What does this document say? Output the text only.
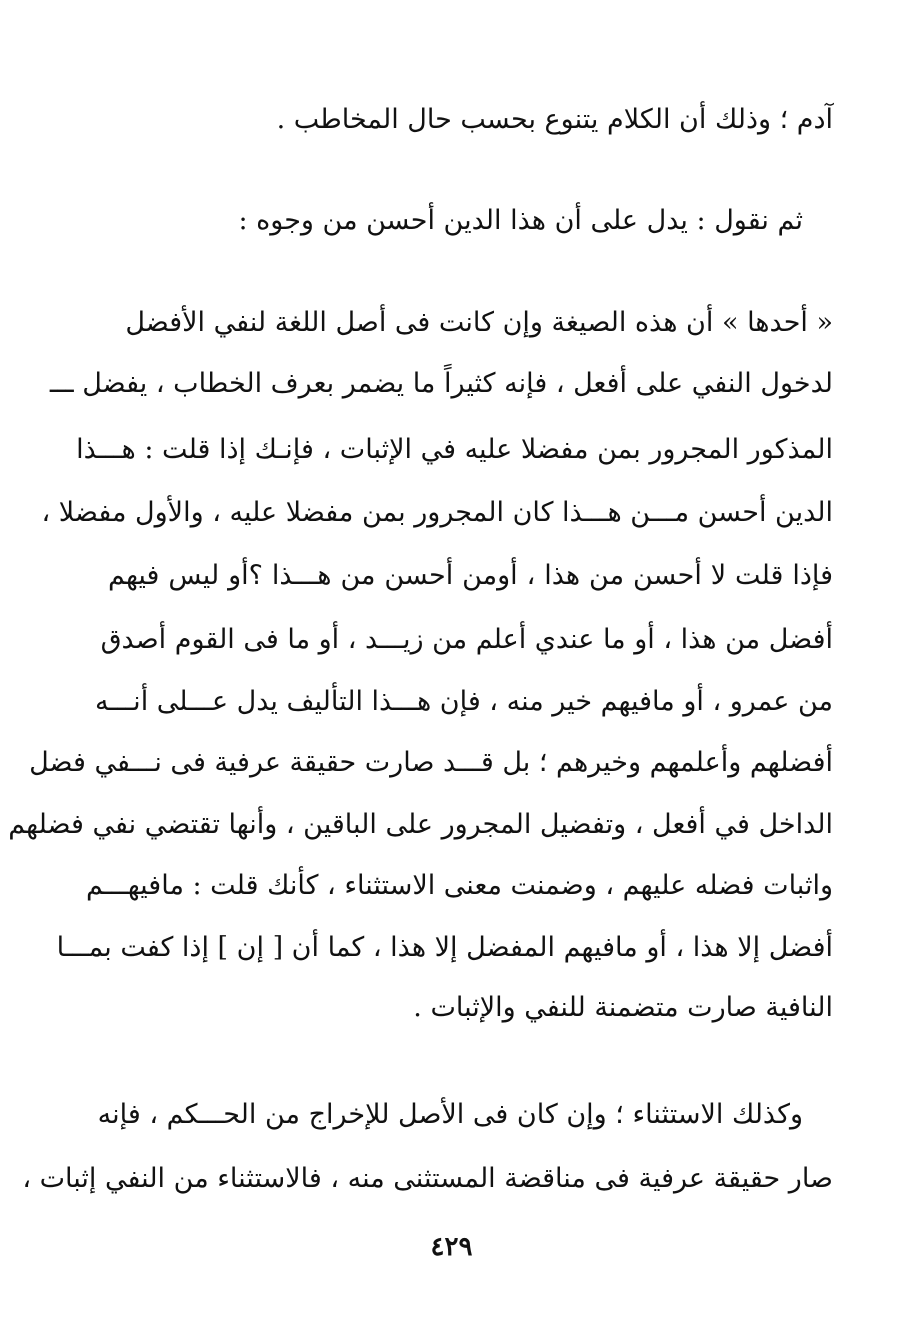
آدم ؛ وذلك أن الكلام يتنوع بحسب حال المخاطب .
ثم نقول : يدل على أن هذا الدين أحسن من وجوه :
« أحدها » أن هذه الصيغة وإن كانت فى أصل اللغة لنفي الأفضل
لدخول النفي على أفعل ، فإنه كثيراً ما يضمر بعرف الخطاب ، يفضل ـــ
المذكور المجرور بمن مفضلا عليه في الإثبات ، فإنـك إذا قلت : هـــذا
الدين أحسن مـــن هـــذا كان المجرور بمن مفضلا عليه ، والأول مفضلا ،
فإذا قلت لا أحسن من هذا ، أومن أحسن من هـــذا ؟أو ليس فيهم
أفضل من هذا ، أو ما عندي أعلم من زيـــد ، أو ما فى القوم أصدق
من عمرو ، أو مافيهم خير منه ، فإن هـــذا التأليف يدل عـــلى أنـــه
أفضلهم وأعلمهم وخيرهم ؛ بل قـــد صارت حقيقة عرفية فى نـــفي فضل
الداخل في أفعل ، وتفضيل المجرور على الباقين ، وأنها تقتضي نفي فضلهم
واثبات فضله عليهم ، وضمنت معنى الاستثناء ، كأنك قلت : مافيهـــم
أفضل إلا هذا ، أو مافيهم المفضل إلا هذا ، كما أن [ إن ] إذا كفت بمـــا
النافية صارت متضمنة للنفي والإثبات .
وكذلك الاستثناء ؛ وإن كان فى الأصل للإخراج من الحـــكم ، فإنه
صار حقيقة عرفية فى مناقضة المستثنى منه ، فالاستثناء من النفي إثبات ،
٤٢٩
